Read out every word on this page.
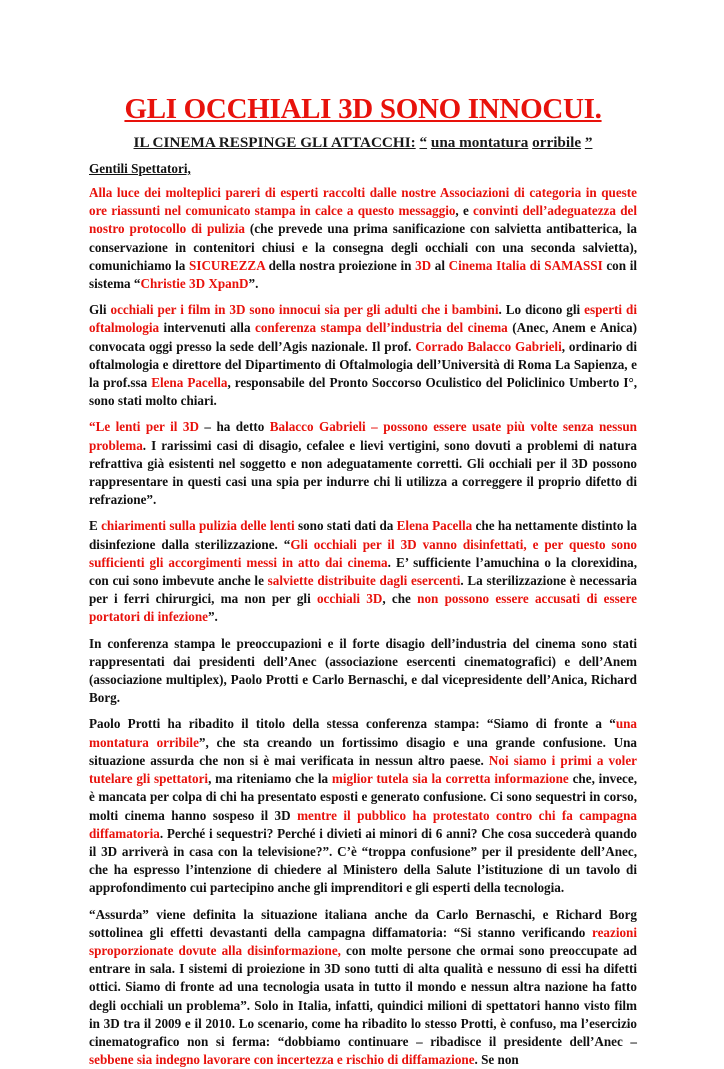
GLI OCCHIALI 3D SONO INNOCUI.
IL CINEMA RESPINGE GLI ATTACCHI: “ una montatura orribile ”
Gentili Spettatori,

Alla luce dei molteplici pareri di esperti raccolti dalle nostre Associazioni di categoria in queste ore riassunti nel comunicato stampa in calce a questo messaggio, e convinti dell’adeguatezza del nostro protocollo di pulizia (che prevede una prima sanificazione con salvietta antibatterica, la conservazione in contenitori chiusi e la consegna degli occhiali con una seconda salvietta), comunichiamo la SICUREZZA della nostra proiezione in 3D al Cinema Italia di SAMASSI con il sistema “Christie 3D XpanD”.

Gli occhiali per i film in 3D sono innocui sia per gli adulti che i bambini. Lo dicono gli esperti di oftalmologia intervenuti alla conferenza stampa dell’industria del cinema (Anec, Anem e Anica) convocata oggi presso la sede dell’Agis nazionale. Il prof. Corrado Balacco Gabrieli, ordinario di oftalmologia e direttore del Dipartimento di Oftalmologia dell’Università di Roma La Sapienza, e la prof.ssa Elena Pacella, responsabile del Pronto Soccorso Oculistico del Policlinico Umberto I°, sono stati molto chiari.

“Le lenti per il 3D – ha detto Balacco Gabrieli – possono essere usate più volte senza nessun problema. I rarissimi casi di disagio, cefalee e lievi vertigini, sono dovuti a problemi di natura refrattiva già esistenti nel soggetto e non adeguatamente corretti. Gli occhiali per il 3D possono rappresentare in questi casi una spia per indurre chi li utilizza a correggere il proprio difetto di refrazione”.

E chiarimenti sulla pulizia delle lenti sono stati dati da Elena Pacella che ha nettamente distinto la disinfezione dalla sterilizzazione. “Gli occhiali per il 3D vanno disinfettati, e per questo sono sufficienti gli accorgimenti messi in atto dai cinema. E’ sufficiente l’amuchina o la clorexidina, con cui sono imbevute anche le salviette distribuite dagli esercenti. La sterilizzazione è necessaria per i ferri chirurgici, ma non per gli occhiali 3D, che non possono essere accusati di essere portatori di infezione”.

In conferenza stampa le preoccupazioni e il forte disagio dell’industria del cinema sono stati rappresentati dai presidenti dell’Anec (associazione esercenti cinematografici) e dell’Anem (associazione multiplex), Paolo Protti e Carlo Bernaschi, e dal vicepresidente dell’Anica, Richard Borg.

Paolo Protti ha ribadito il titolo della stessa conferenza stampa: “Siamo di fronte a “una montatura orribile”, che sta creando un fortissimo disagio e una grande confusione. Una situazione assurda che non si è mai verificata in nessun altro paese. Noi siamo i primi a voler tutelare gli spettatori, ma riteniamo che la miglior tutela sia la corretta informazione che, invece, è mancata per colpa di chi ha presentato esposti e generato confusione. Ci sono sequestri in corso, molti cinema hanno sospeso il 3D mentre il pubblico ha protestato contro chi fa campagna diffamatoria. Perché i sequestri? Perché i divieti ai minori di 6 anni? Che cosa succederà quando il 3D arriverà in casa con la televisione?”. C’è “troppa confusione” per il presidente dell’Anec, che ha espresso l’intenzione di chiedere al Ministero della Salute l’istituzione di un tavolo di approfondimento cui partecipino anche gli imprenditori e gli esperti della tecnologia.

“Assurda” viene definita la situazione italiana anche da Carlo Bernaschi, e Richard Borg sottolinea gli effetti devastanti della campagna diffamatoria: “Si stanno verificando reazioni sproporzionate dovute alla disinformazione, con molte persone che ormai sono preoccupate ad entrare in sala. I sistemi di proiezione in 3D sono tutti di alta qualità e nessuno di essi ha difetti ottici. Siamo di fronte ad una tecnologia usata in tutto il mondo e nessun altra nazione ha fatto degli occhiali un problema”. Solo in Italia, infatti, quindici milioni di spettatori hanno visto film in 3D tra il 2009 e il 2010. Lo scenario, come ha ribadito lo stesso Protti, è confuso, ma l’esercizio cinematografico non si ferma: “dobbiamo continuare – ribadisce il presidente dell’Anec – sebbene sia indegno lavorare con incertezza e rischio di diffamazione. Se non
